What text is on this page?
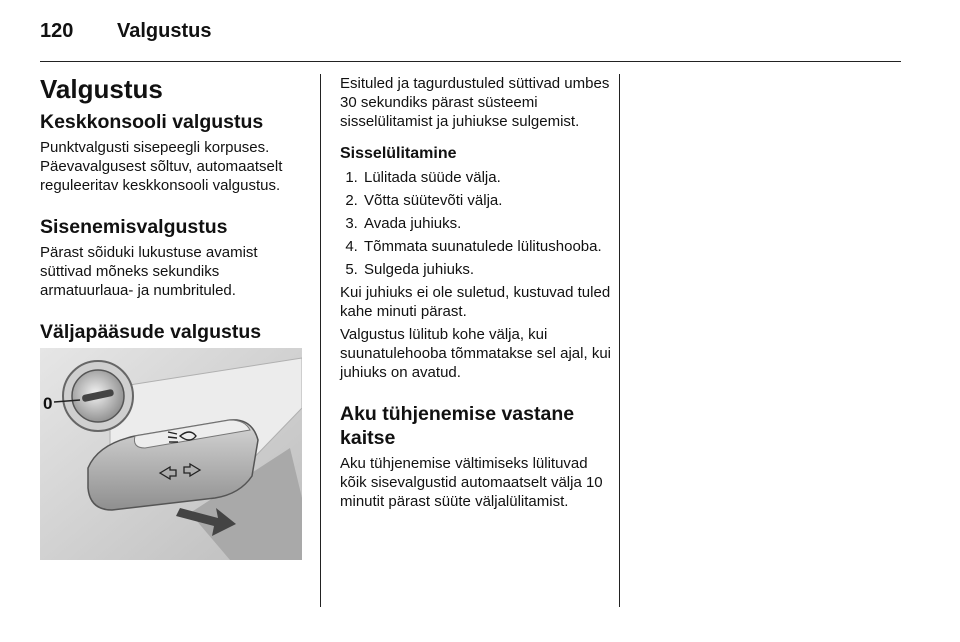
120 Valgustus
Valgustus
Keskkonsooli valgustus

Punktvalgusti sisepeegli korpuses. Päevavalgusest sõltuv, automaatselt reguleeritav keskkonsooli valgustus.

Sisenemisvalgustus

Pärast sõiduki lukustuse avamist süttivad mõneks sekundiks armatuurlaua- ja numbrituled.

Väljapääsude valgustus
0

Esituled ja tagurdustuled süttivad umbes 30 sekundiks pärast süsteemi sisselülitamist ja juhiukse sulgemist.

Sisselülitamine
1. Lülitada süüde välja.
2. Võtta süütevõti välja.
3. Avada juhiuks.
4. Tõmmata suunatulede lülitushooba.
5. Sulgeda juhiuks.

Kui juhiuks ei ole suletud, kustuvad tuled kahe minuti pärast.

Valgustus lülitub kohe välja, kui suunatulehooba tõmmatakse sel ajal, kui juhiuks on avatud.

Aku tühjenemise vastane kaitse

Aku tühjenemise vältimiseks lülituvad kõik sisevalgustid automaatselt välja 10 minutit pärast süüte väljalülitamist.
